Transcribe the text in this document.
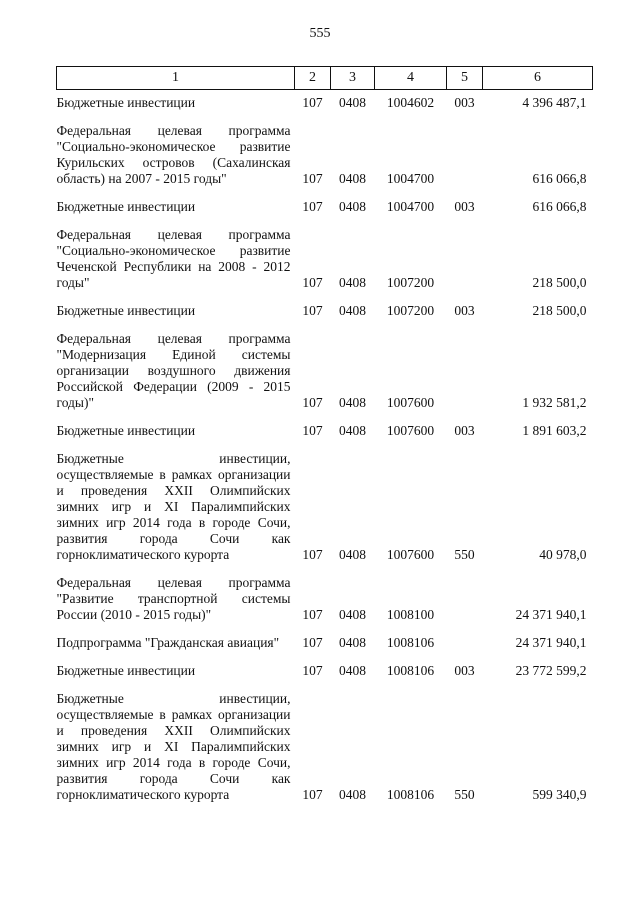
555
1	2	3	4	5	6
Бюджетные инвестиции	107	0408	1004602	003	4 396 487,1
Федеральная целевая программа "Социально-экономическое развитие Курильских островов (Сахалинская область) на 2007 - 2015 годы"	107	0408	1004700		616 066,8
Бюджетные инвестиции	107	0408	1004700	003	616 066,8
Федеральная целевая программа "Социально-экономическое развитие Чеченской Республики на 2008 - 2012 годы"	107	0408	1007200		218 500,0
Бюджетные инвестиции	107	0408	1007200	003	218 500,0
Федеральная целевая программа "Модернизация Единой системы организации воздушного движения Российской Федерации (2009 - 2015 годы)"	107	0408	1007600		1 932 581,2
Бюджетные инвестиции	107	0408	1007600	003	1 891 603,2
Бюджетные инвестиции, осуществляемые в рамках организации и проведения XXII Олимпийских зимних игр и XI Паралимпийских зимних игр 2014 года в городе Сочи, развития города Сочи как горноклиматического курорта	107	0408	1007600	550	40 978,0
Федеральная целевая программа "Развитие транспортной системы России (2010 - 2015 годы)"	107	0408	1008100		24 371 940,1
Подпрограмма "Гражданская авиация"	107	0408	1008106		24 371 940,1
Бюджетные инвестиции	107	0408	1008106	003	23 772 599,2
Бюджетные инвестиции, осуществляемые в рамках организации и проведения XXII Олимпийских зимних игр и XI Паралимпийских зимних игр 2014 года в городе Сочи, развития города Сочи как горноклиматического курорта	107	0408	1008106	550	599 340,9
